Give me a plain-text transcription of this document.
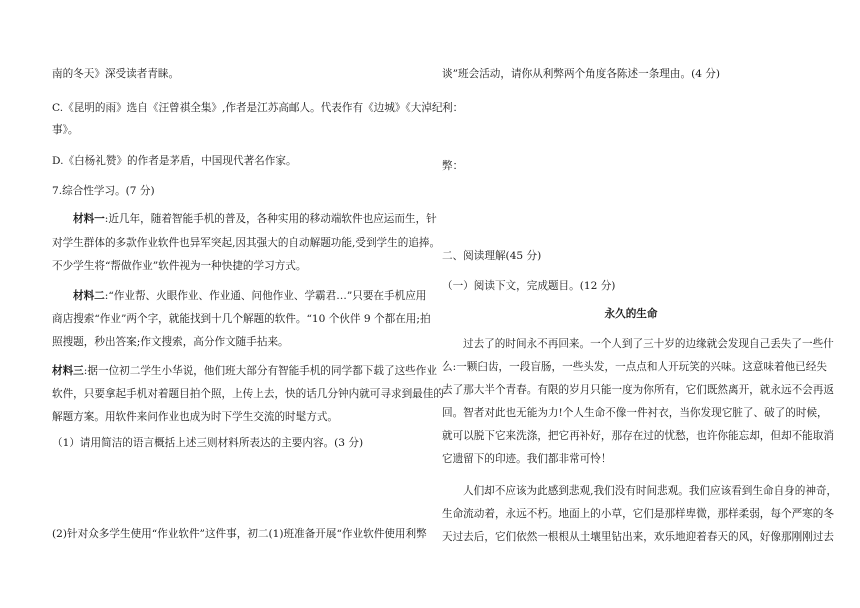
南的冬天》深受读者青睐。
C.《昆明的雨》选自《汪曾祺全集》,作者是江苏高邮人。代表作有《边城》《大淖纪
事》。
D.《白杨礼赞》的作者是茅盾，中国现代著名作家。
7.综合性学习。(7 分)
材料一:近几年，随着智能手机的普及，各种实用的移动端软件也应运而生，针
对学生群体的多款作业软件也异军突起,因其强大的自动解题功能,受到学生的追捧。
不少学生将“帮做作业”软件视为一种快捷的学习方式。
材料二:“作业帮、火眼作业、作业通、问他作业、学霸君…”只要在手机应用
商店搜索“作业”两个字，就能找到十几个解题的软件。“10 个伙伴 9 个都在用;拍
照搜题，秒出答案;作文搜索，高分作文随手拈来。
材料三:据一位初二学生小华说，他们班大部分有智能手机的同学都下载了这些作业
软件，只要拿起手机对着题目拍个照，上传上去，快的话几分钟内就可寻求到最佳的
解题方案。用软件来问作业也成为时下学生交流的时髦方式。
（1）请用简洁的语言概括上述三则材料所表达的主要内容。(3 分)
(2)针对众多学生使用“作业软件”这件事，初二(1)班准备开展“作业软件使用利弊
谈”班会活动，请你从利弊两个角度各陈述一条理由。(4 分)
利：
弊：
二、阅读理解(45 分)
（一）阅读下文，完成题目。(12 分)
永久的生命
过去了的时间永不再回来。一个人到了三十岁的边缘就会发现自己丢失了一些什
么:一颗臼齿，一段盲肠，一些头发，一点点和人开玩笑的兴味。这意味着他已经失
去了那大半个青春。有限的岁月只能一度为你所有，它们既然离开，就永远不会再返
回。智者对此也无能为力!个人生命不像一件衬衣，当你发现它脏了、破了的时候，
就可以脱下它来洗涤，把它再补好，那存在过的忧愁，也许你能忘却，但却不能取消
它遗留下的印迹。我们都非常可怜！
人们却不应该为此感到悲观,我们没有时间悲观。我们应该看到生命自身的神奇，
生命流动着，永远不朽。地面上的小草，它们是那样卑微，那样柔弱，每个严寒的冬
天过去后，它们依然一根根从土壤里钻出来，欢乐地迎着春天的风，好像那刚刚过去
